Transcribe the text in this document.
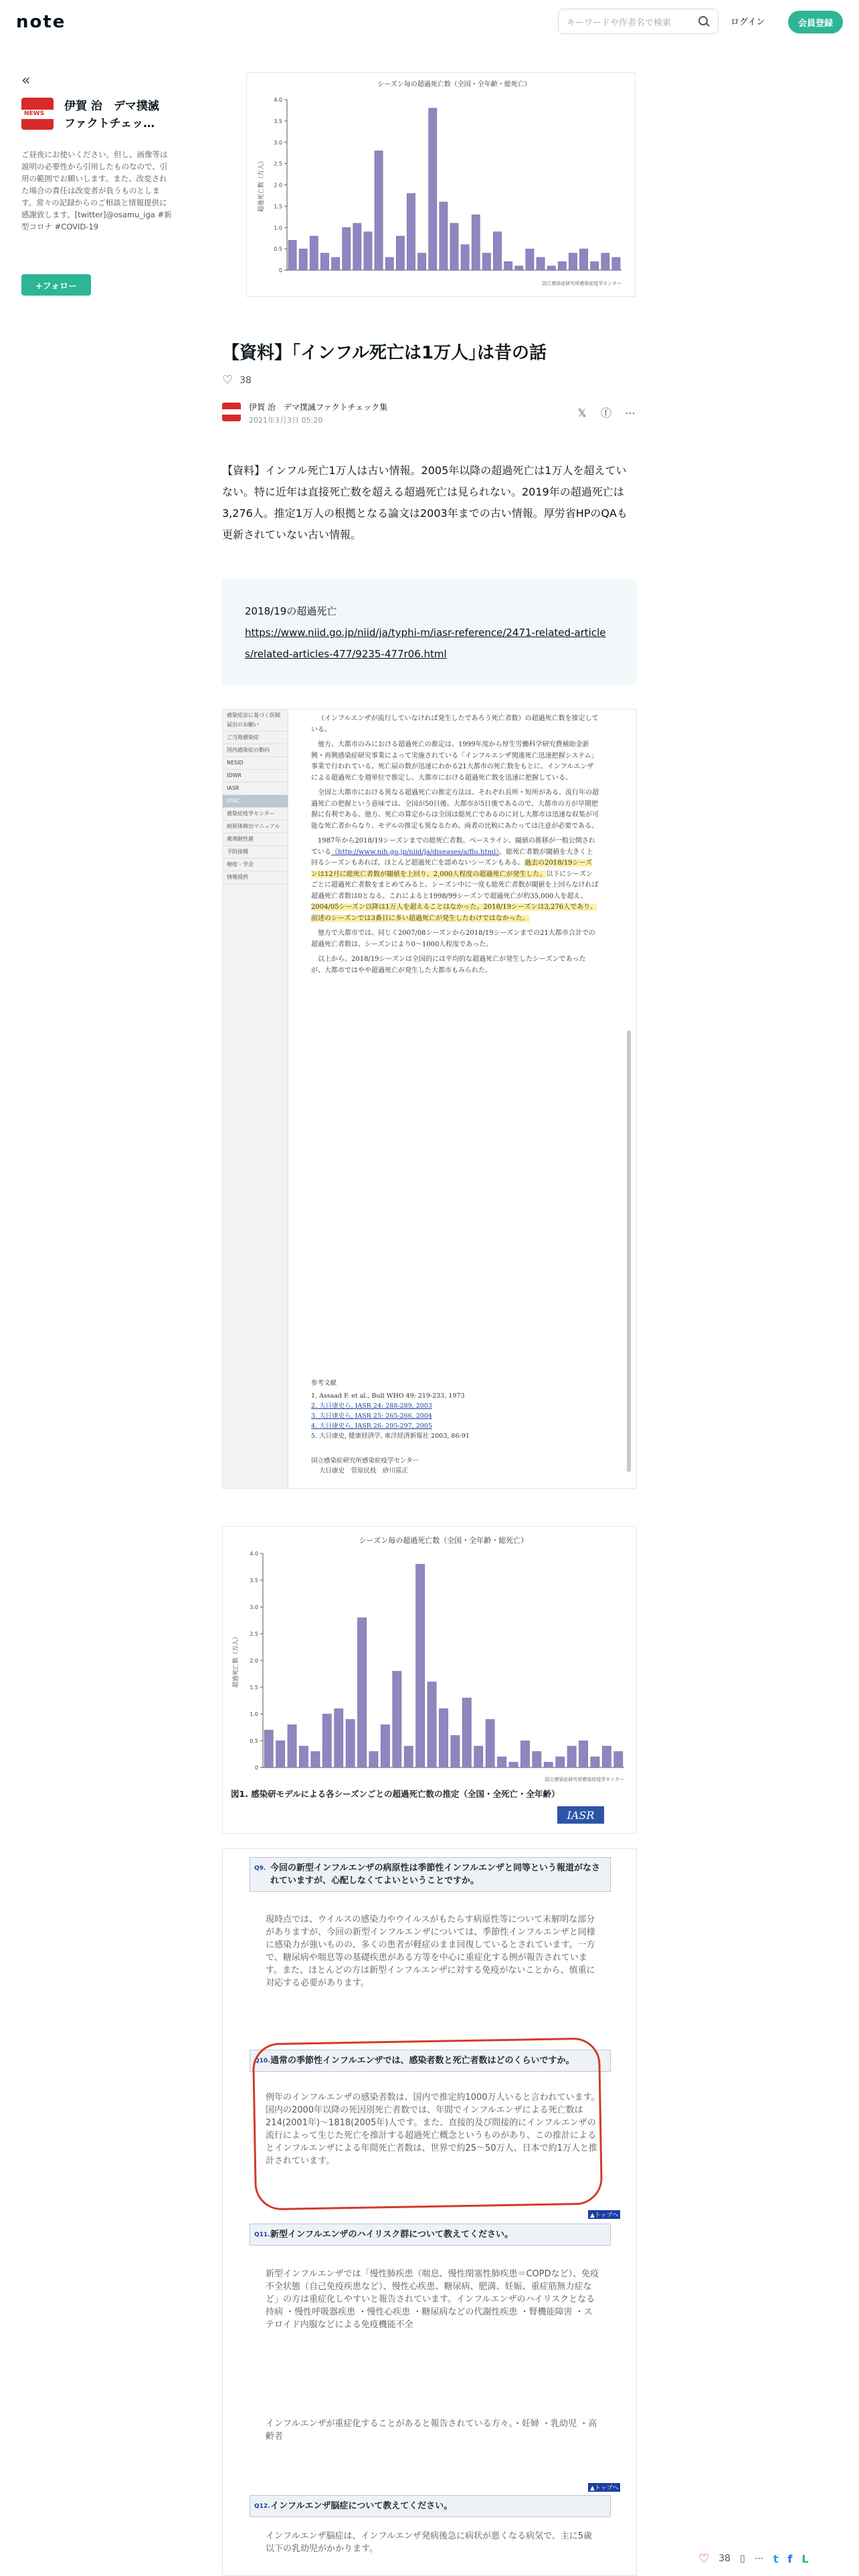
note	キーワードや作者名で検索	ログイン	会員登録
«
NEWS
伊賀 治　デマ撲滅ファクトチェッ…
ご昼夜にお使いください。但し、画像等は説明の必要性から引用したものなので、引用の範囲でお願いします。また、改変された場合の責任は改変者が負うものとします。常々の記録からのご相談と情報提供に感謝致します。[twitter]@osamu_iga #新型コロナ #COVID-19
+フォロー
シーズン毎の超過死亡数（全国・全年齢・総死亡）
4.0
3.5
3.0
2.5
2.0
1.5
1.0
0.5
0
超過死亡数（万人）
国立感染症研究所感染症疫学センター
【資料】｢インフル死亡は1万人｣は昔の話
♡ 38
伊賀 治　デマ撲滅ファクトチェック集
2021年3月3日 05:20
𝕏 ⓕ ⋯

【資料】インフル死亡1万人は古い情報。2005年以降の超過死亡は1万人を超えていない。特に近年は直接死亡数を超える超過死亡は見られない。2019年の超過死亡は3,276人。推定1万人の根拠となる論文は2003年までの古い情報。厚労省HPのQAも更新されていない古い情報。

2018/19の超過死亡
https://www.niid.go.jp/niid/ja/typhi-m/iasr-reference/2471-related-articles/related-articles-477/9235-477r06.html
感染症法に基づく医師届出のお願い
ご当地感染症
国内感染症の動向
NESID
IDWR
IASR
IDSC
感染症疫学センター
病原体検出マニュアル
薬剤耐性菌
予防接種
検疫・学会
情報提供

（インフルエンザが流行していなければ発生したであろう死亡者数）の超過死亡数を推定している。

他方、大都市のみにおける超過死亡の推定は、1999年度から厚生労働科学研究費補助金新興・再興感染症研究事業によって実施されている「インフルエンザ関連死亡迅速把握システム」事業で行われている。死亡届の数が迅速にわかる21大都市の死亡数をもとに、インフルエンザによる超過死亡を週単位で推定し、大都市における超過死亡数を迅速に把握している。

全国と大都市における異なる超過死亡の推定方法は、それぞれ長所・短所がある。流行年の超過死亡の把握という意味では、全国が50日後、大都市が5日後であるので、大都市の方が早期把握に有利である。他方、死亡の算定からは全国は総死亡であるのに対し大都市は迅速な収集が可能な死亡者からなり、モデルの推定も異なるため、両者の比較にあたっては注意が必要である。

1987年から2018/19シーズンまでの総死亡者数、ベースライン、閾値の推移が一般公開されている（http://www.nih.go.jp/niid/ja/diseases/a/flu.html）。総死亡者数が閾値を大きく上回るシーズンもあれば、ほとんど超過死亡を認めないシーズンもある。過去の2018/19シーズンは12月に総死亡者数が閾値を上回り、2,000人程度の超過死亡が発生した。以下にシーズンごとに超過死亡者数をまとめてみると、シーズン中に一度も総死亡者数が閾値を上回らなければ超過死亡者数は0となる。これによると1998/99シーズンで超過死亡が約35,000人を超え、2004/05シーズン以降は1万人を超えることはなかった。2018/19シーズンは3,276人であり、前述のシーズンでは3番目に多い超過死亡が発生したわけではなかった。

他方で大都市では、同じく2007/08シーズンから2018/19シーズンまでの21大都市合計での超過死亡者数は、シーズンにより0～1000人程度であった。

以上から、2018/19シーズンは全国的には平均的な超過死亡が発生したシーズンであったが、大都市ではやや超過死亡が発生した大都市もみられた。

参考文献
1. Assaad F. et al., Bull WHO 49: 219-233, 1973
2. 大日康史ら, IASR 24: 288-289, 2003
3. 大日康史ら, IASR 25: 265-266, 2004
4. 大日康史ら, IASR 26: 295-297, 2005
5. 大日康史, 健康経済学, 東洋経済新報社 2003, 86-91
国立感染症研究所感染症疫学センター
大日康史　菅原民枝　砂川富正
シーズン毎の超過死亡数（全国・全年齢・総死亡）
4.0
3.5
3.0
2.5
2.0
1.5
1.0
0.5
0
超過死亡数（万人）
国立感染症研究所感染症疫学センター
図1. 感染研モデルによる各シーズンごとの超過死亡数の推定（全国・全死亡・全年齢）
IASR
Q9. 今回の新型インフルエンザの病原性は季節性インフルエンザと同等という報道がなされていますが、心配しなくてよいということですか。
現時点では、ウイルスの感染力やウイルスがもたらす病原性等について未解明な部分がありますが、今回の新型インフルエンザについては、季節性インフルエンザと同様に感染力が強いものの、多くの患者が軽症のまま回復しているとされています。一方で、糖尿病や喘息等の基礎疾患がある方等を中心に重症化する例が報告されています。また、ほとんどの方は新型インフルエンザに対する免疫がないことから、慎重に対応する必要があります。
Q10. 通常の季節性インフルエンザでは、感染者数と死亡者数はどのくらいですか。
例年のインフルエンザの感染者数は、国内で推定約1000万人いると言われています。国内の2000年以降の死因別死亡者数では、年間でインフルエンザによる死亡数は214(2001年)～1818(2005年)人です。また、直接的及び間接的にインフルエンザの流行によって生じた死亡を推計する超過死亡概念というものがあり、この推計によるとインフルエンザによる年間死亡者数は、世界で約25～50万人、日本で約1万人と推計されています。
▲トップへ
Q11. 新型インフルエンザのハイリスク群について教えてください。
新型インフルエンザでは「慢性肺疾患（喘息、慢性閉塞性肺疾患＝COPDなど）、免疫不全状態（自己免疫疾患など）、慢性心疾患、糖尿病、肥満、妊娠、重症筋無力症など」の方は重症化しやすいと報告されています。インフルエンザのハイリスクとなる持病 ・慢性呼吸器疾患 ・慢性心疾患 ・糖尿病などの代謝性疾患 ・腎機能障害 ・ステロイド内服などによる免疫機能不全
インフルエンザが重症化することがあると報告されている方々。・妊婦 ・乳幼児 ・高齢者
▲トップへ
Q12. インフルエンザ脳症について教えてください。
インフルエンザ脳症は、インフルエンザ発病後急に病状が悪くなる病気で、主に5歳以下の乳幼児がかかります。
♡ 38 ▯ ⋯ t f L
